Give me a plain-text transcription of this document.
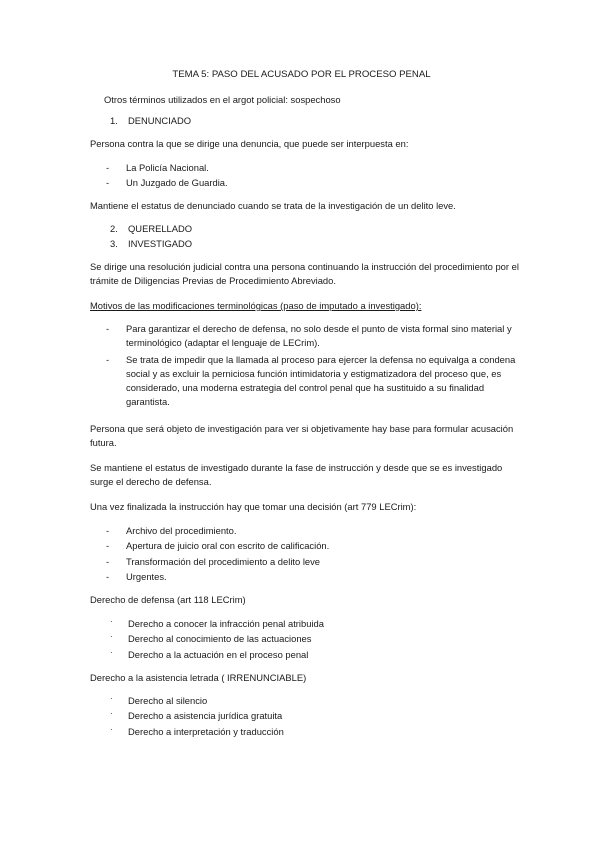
TEMA 5: PASO DEL ACUSADO POR EL PROCESO PENAL

Otros términos utilizados en el argot policial: sospechoso

1. DENUNCIADO

Persona contra la que se dirige una denuncia, que puede ser interpuesta en:

- La Policía Nacional.
- Un Juzgado de Guardia.

Mantiene el estatus de denunciado cuando se trata de la investigación de un delito leve.

2. QUERELLADO
3. INVESTIGADO

Se dirige una resolución judicial contra una persona continuando la instrucción del procedimiento por el trámite de Diligencias Previas de Procedimiento Abreviado.

Motivos de las modificaciones terminológicas (paso de imputado a investigado):

- Para garantizar el derecho de defensa, no solo desde el punto de vista formal sino material y terminológico (adaptar el lenguaje de LECrim).
- Se trata de impedir que la llamada al proceso para ejercer la defensa no equivalga a condena social y as excluir la perniciosa función intimidatoria y estigmatizadora del proceso que, es considerado, una moderna estrategia del control penal que ha sustituido a su finalidad garantista.

Persona que será objeto de investigación para ver si objetivamente hay base para formular acusación futura.

Se mantiene el estatus de investigado durante la fase de instrucción y desde que se es investigado surge el derecho de defensa.

Una vez finalizada la instrucción hay que tomar una decisión (art 779 LECrim):

- Archivo del procedimiento.
- Apertura de juicio oral con escrito de calificación.
- Transformación del procedimiento a delito leve
- Urgentes.

Derecho de defensa (art 118 LECrim)

· Derecho a conocer la infracción penal atribuida
· Derecho al conocimiento de las actuaciones
· Derecho a la actuación en el proceso penal

Derecho a la asistencia letrada ( IRRENUNCIABLE)

· Derecho al silencio
· Derecho a asistencia jurídica gratuita
· Derecho a interpretación y traducción
